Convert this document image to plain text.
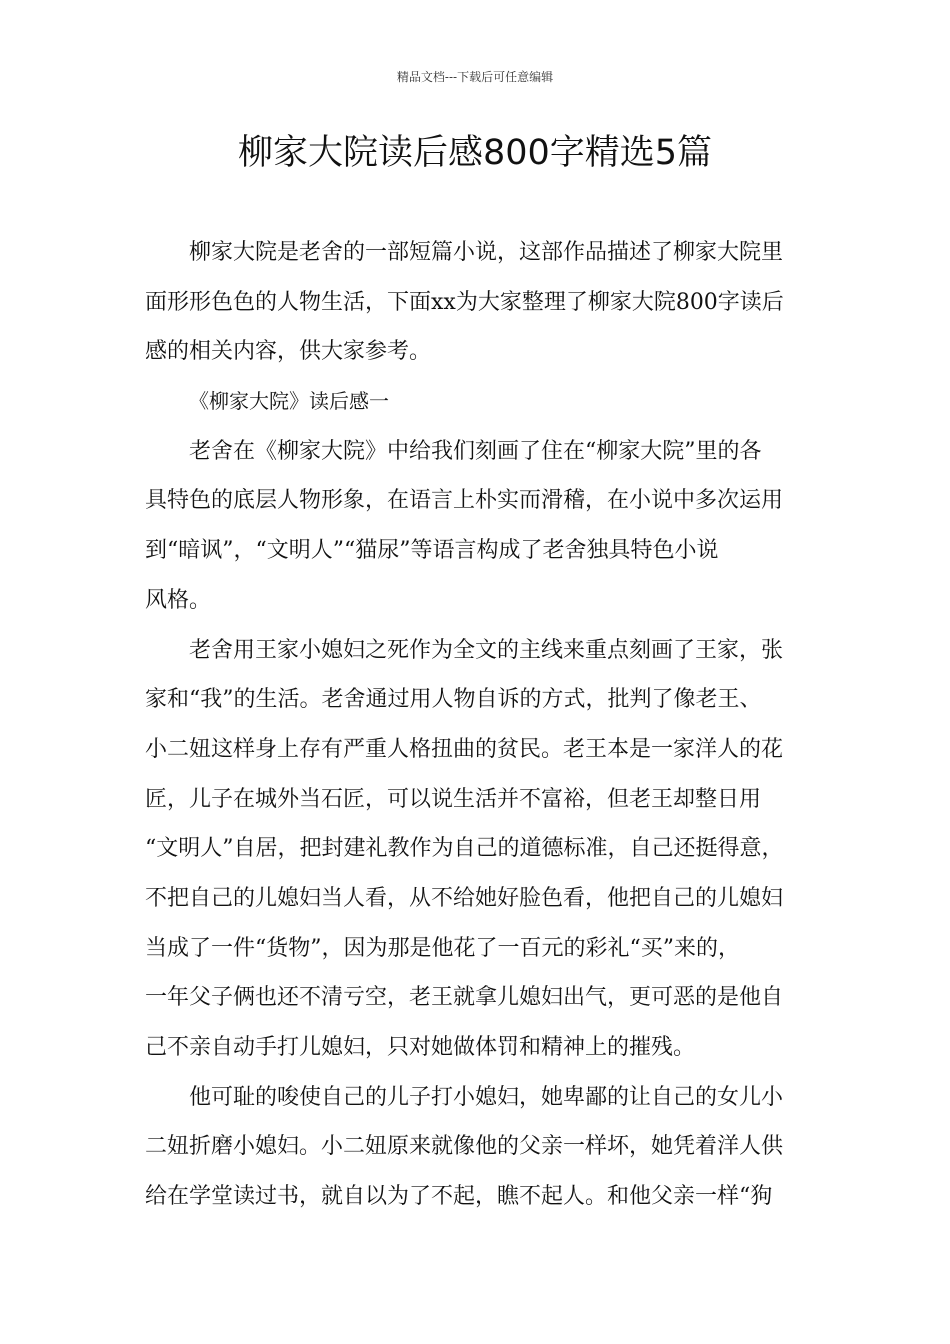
精品文档---下载后可任意编辑
柳家大院读后感800字精选5篇
柳家大院是老舍的一部短篇小说，这部作品描述了柳家大院里
面形形色色的人物生活，下面xx为大家整理了柳家大院800字读后
感的相关内容，供大家参考。
《柳家大院》读后感一
老舍在《柳家大院》中给我们刻画了住在“柳家大院”里的各
具特色的底层人物形象，在语言上朴实而滑稽，在小说中多次运用
到“暗讽”，“文明人”“猫尿”等语言构成了老舍独具特色小说
风格。
老舍用王家小媳妇之死作为全文的主线来重点刻画了王家，张
家和“我”的生活。老舍通过用人物自诉的方式，批判了像老王、
小二妞这样身上存有严重人格扭曲的贫民。老王本是一家洋人的花
匠，儿子在城外当石匠，可以说生活并不富裕，但老王却整日用
“文明人”自居，把封建礼教作为自己的道德标准，自己还挺得意，
不把自己的儿媳妇当人看，从不给她好脸色看，他把自己的儿媳妇
当成了一件“货物”，因为那是他花了一百元的彩礼“买”来的，
一年父子俩也还不清亏空，老王就拿儿媳妇出气，更可恶的是他自
己不亲自动手打儿媳妇，只对她做体罚和精神上的摧残。
他可耻的唆使自己的儿子打小媳妇，她卑鄙的让自己的女儿小
二妞折磨小媳妇。小二妞原来就像他的父亲一样坏，她凭着洋人供
给在学堂读过书，就自以为了不起，瞧不起人。和他父亲一样“狗
